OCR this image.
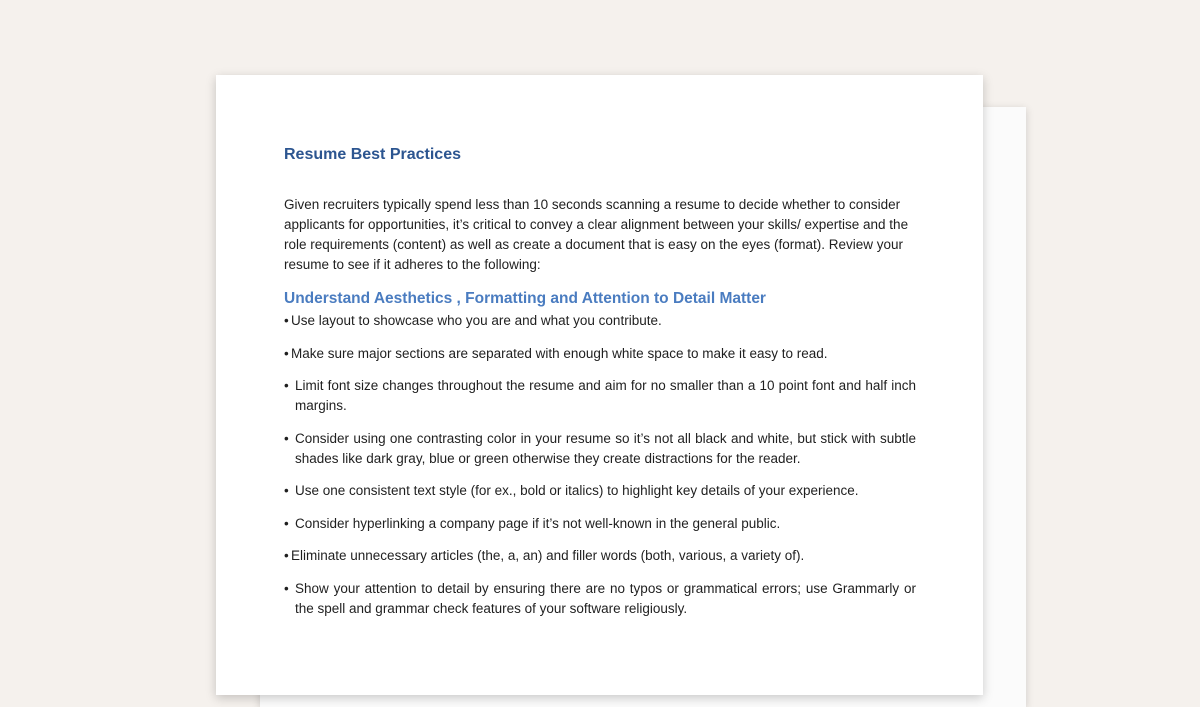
Resume Best Practices

Given recruiters typically spend less than 10 seconds scanning a resume to decide whether to consider applicants for opportunities, it’s critical to convey a clear alignment between your skills/ expertise and the role requirements (content) as well as create a document that is easy on the eyes (format). Review your resume to see if it adheres to the following:

Understand Aesthetics , Formatting and Attention to Detail Matter
• Use layout to showcase who you are and what you contribute.
• Make sure major sections are separated with enough white space to make it easy to read.
• Limit font size changes throughout the resume and aim for no smaller than a 10 point font and half inch margins.
• Consider using one contrasting color in your resume so it’s not all black and white, but stick with subtle shades like dark gray, blue or green otherwise they create distractions for the reader.
• Use one consistent text style (for ex., bold or italics) to highlight key details of your experience.
• Consider hyperlinking a company page if it’s not well-known in the general public.
• Eliminate unnecessary articles (the, a, an) and filler words (both, various, a variety of).
• Show your attention to detail by ensuring there are no typos or grammatical errors; use Grammarly or the spell and grammar check features of your software religiously.
